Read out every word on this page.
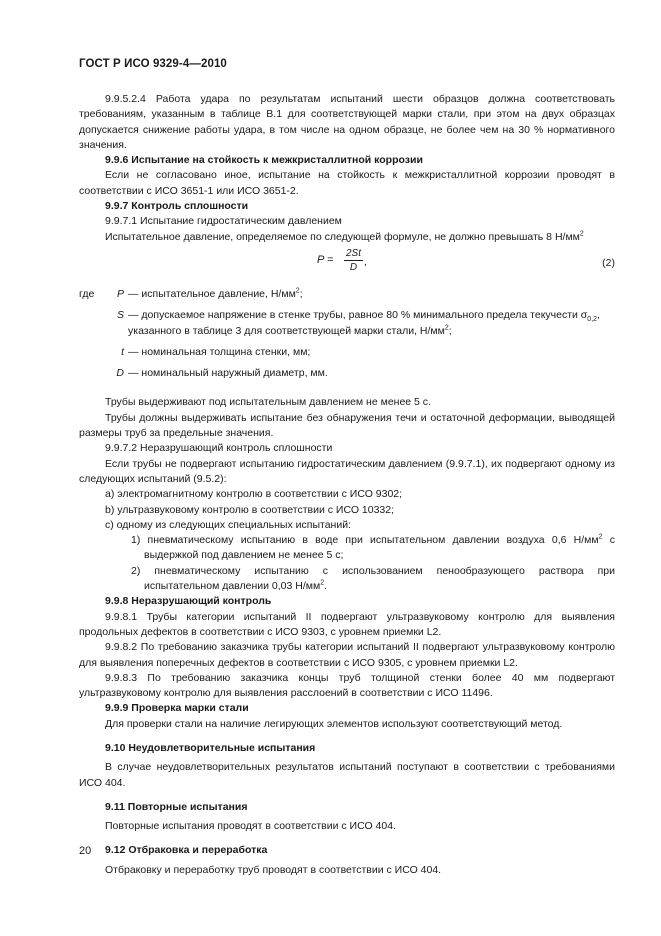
ГОСТ Р ИСО 9329-4—2010

9.9.5.2.4 Работа удара по результатам испытаний шести образцов должна соответствовать требованиям, указанным в таблице В.1 для соответствующей марки стали, при этом на двух образцах допускается снижение работы удара, в том числе на одном образце, не более чем на 30 % нормативного значения.

9.9.6 Испытание на стойкость к межкристаллитной коррозии

Если не согласовано иное, испытание на стойкость к межкристаллитной коррозии проводят в соответствии с ИСО 3651-1 или ИСО 3651-2.

9.9.7 Контроль сплошности

9.9.7.1 Испытание гидростатическим давлением

Испытательное давление, определяемое по следующей формуле, не должно превышать 8 $Н/мм^2$

$P = \frac{2St}{D}$ ,	(2)
где	P — испытательное давление, $Н/мм^2$;
S — допускаемое напряжение в стенке трубы, равное 80 % минимального предела текучести $\sigma_{0,2}$, указанного в таблице 3 для соответствующей марки стали, $Н/мм^2$;
t — номинальная толщина стенки, мм;
D — номинальный наружный диаметр, мм.

Трубы выдерживают под испытательным давлением не менее 5 с.

Трубы должны выдерживать испытание без обнаружения течи и остаточной деформации, выводящей размеры труб за предельные значения.

9.9.7.2 Неразрушающий контроль сплошности

Если трубы не подвергают испытанию гидростатическим давлением (9.9.7.1), их подвергают одному из следующих испытаний (9.5.2):

а) электромагнитному контролю в соответствии с ИСО 9302;

b) ультразвуковому контролю в соответствии с ИСО 10332;

c) одному из следующих специальных испытаний:

1) пневматическому испытанию в воде при испытательном давлении воздуха 0,6 $Н/мм^2$ с выдержкой под давлением не менее 5 с;

2) пневматическому испытанию с использованием пенообразующего раствора при испытательном давлении 0,03 $Н/мм^2$.

9.9.8 Неразрушающий контроль

9.9.8.1 Трубы категории испытаний II подвергают ультразвуковому контролю для выявления продольных дефектов в соответствии с ИСО 9303, с уровнем приемки L2.

9.9.8.2 По требованию заказчика трубы категории испытаний II подвергают ультразвуковому контролю для выявления поперечных дефектов в соответствии с ИСО 9305, с уровнем приемки L2.

9.9.8.3 По требованию заказчика концы труб толщиной стенки более 40 мм подвергают ультразвуковому контролю для выявления расслоений в соответствии с ИСО 11496.

9.9.9 Проверка марки стали

Для проверки стали на наличие легирующих элементов используют соответствующий метод.

9.10 Неудовлетворительные испытания

В случае неудовлетворительных результатов испытаний поступают в соответствии с требованиями ИСО 404.

9.11 Повторные испытания

Повторные испытания проводят в соответствии с ИСО 404.

9.12 Отбраковка и переработка

Отбраковку и переработку труб проводят в соответствии с ИСО 404.

20
